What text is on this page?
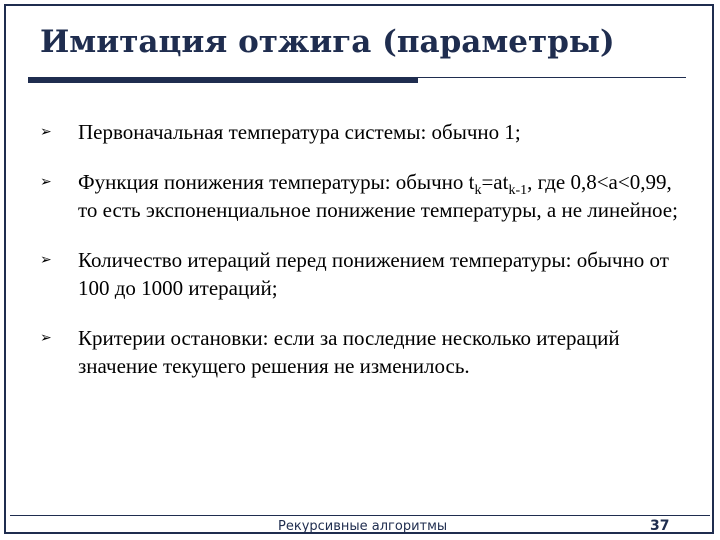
Имитация отжига (параметры)
➢ Первоначальная температура системы: обычно 1;
➢ Функция понижения температуры: обычно $t_k=at_{k-1}$, где 0,8<a<0,99, то есть экспоненциальное понижение температуры, а не линейное;
➢ Количество итераций перед понижением температуры: обычно от 100 до 1000 итераций;
➢ Критерии остановки: если за последние несколько итераций значение текущего решения не изменилось.
Рекурсивные алгоритмы	37
